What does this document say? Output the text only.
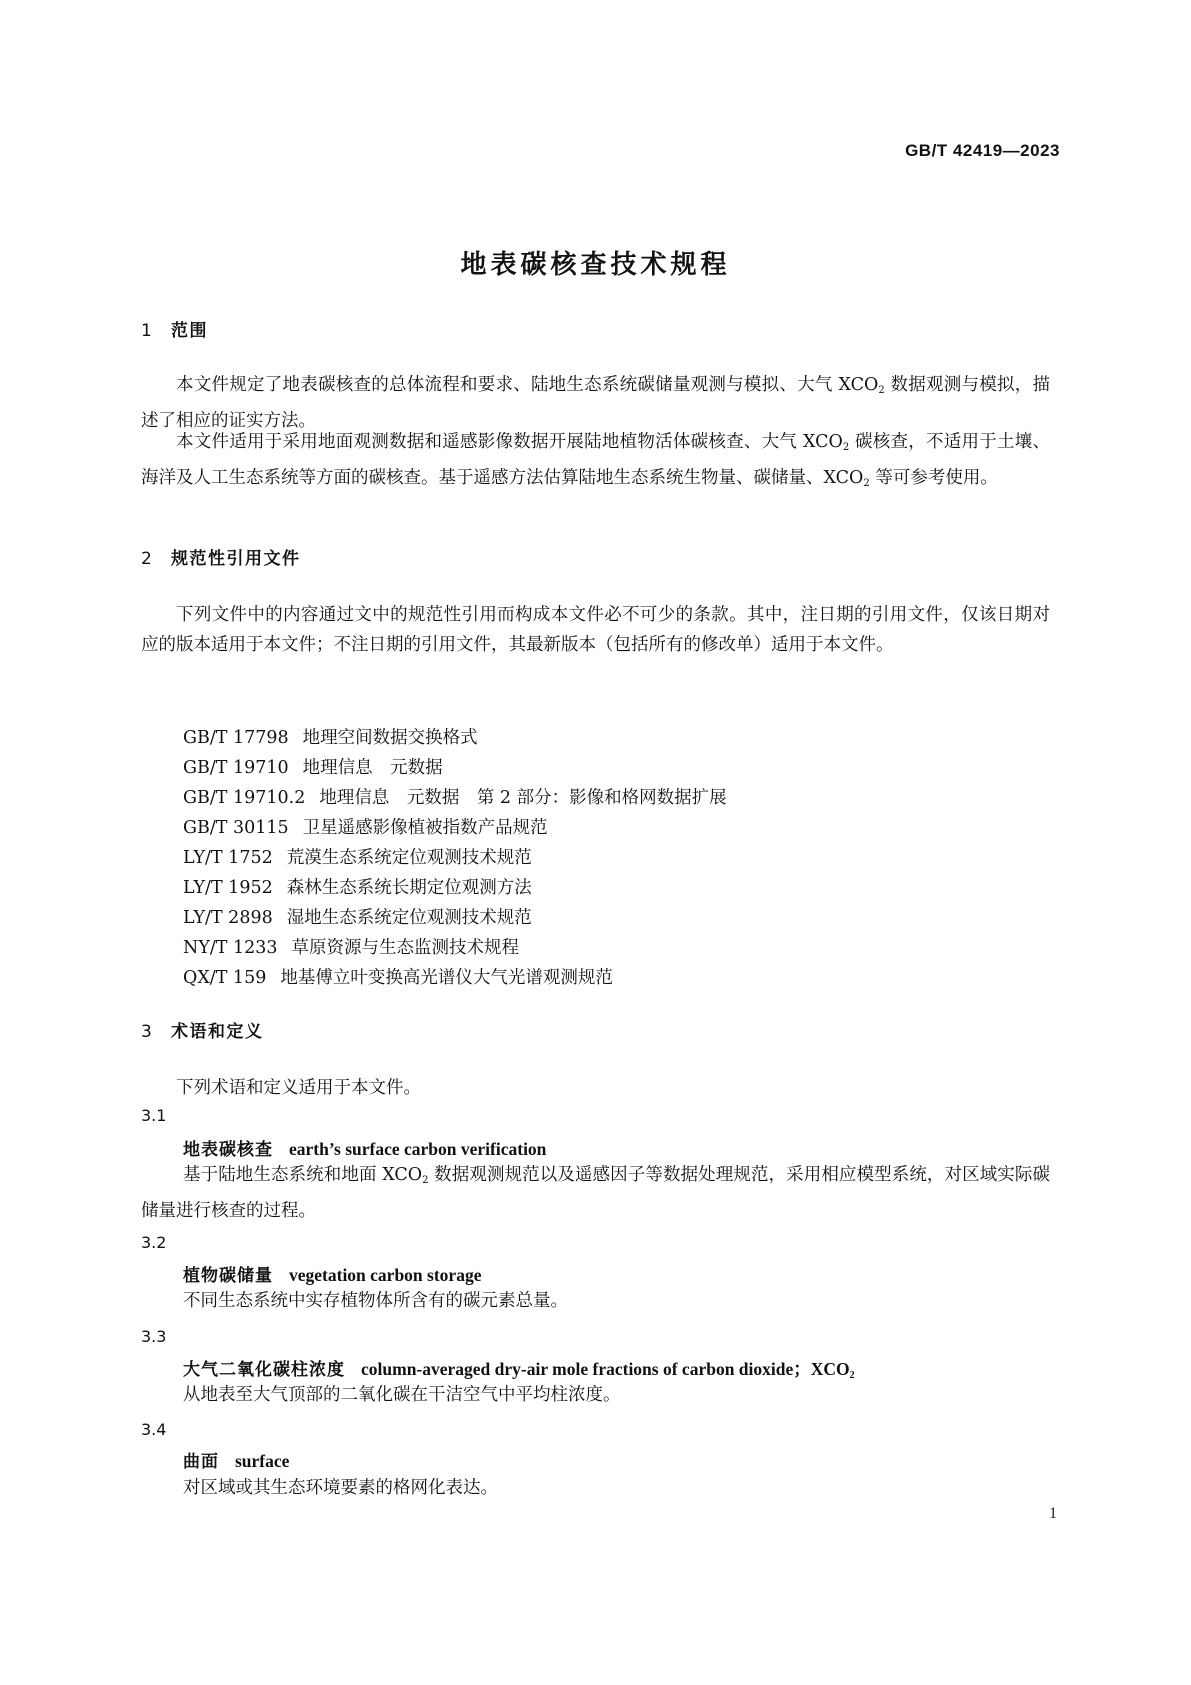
GB/T 42419—2023
地表碳核查技术规程
1 范围
本文件规定了地表碳核查的总体流程和要求、陆地生态系统碳储量观测与模拟、大气 $XCO_2$ 数据观测与模拟，描述了相应的证实方法。
本文件适用于采用地面观测数据和遥感影像数据开展陆地植物活体碳核查、大气 $XCO_2$ 碳核查，不适用于土壤、海洋及人工生态系统等方面的碳核查。基于遥感方法估算陆地生态系统生物量、碳储量、$XCO_2$ 等可参考使用。
2 规范性引用文件
下列文件中的内容通过文中的规范性引用而构成本文件必不可少的条款。其中，注日期的引用文件，仅该日期对应的版本适用于本文件；不注日期的引用文件，其最新版本（包括所有的修改单）适用于本文件。
GB/T 17798 地理空间数据交换格式
GB/T 19710 地理信息　元数据
GB/T 19710.2 地理信息　元数据　第 2 部分：影像和格网数据扩展
GB/T 30115 卫星遥感影像植被指数产品规范
LY/T 1752 荒漠生态系统定位观测技术规范
LY/T 1952 森林生态系统长期定位观测方法
LY/T 2898 湿地生态系统定位观测技术规范
NY/T 1233 草原资源与生态监测技术规程
QX/T 159 地基傅立叶变换高光谱仪大气光谱观测规范
3 术语和定义
下列术语和定义适用于本文件。
3.1
地表碳核查 earth’s surface carbon verification
基于陆地生态系统和地面 $XCO_2$ 数据观测规范以及遥感因子等数据处理规范，采用相应模型系统，对区域实际碳储量进行核查的过程。
3.2
植物碳储量 vegetation carbon storage
不同生态系统中实存植物体所含有的碳元素总量。
3.3
大气二氧化碳柱浓度 column-averaged dry-air mole fractions of carbon dioxide；$XCO_2$
从地表至大气顶部的二氧化碳在干洁空气中平均柱浓度。
3.4
曲面 surface
对区域或其生态环境要素的格网化表达。
1
